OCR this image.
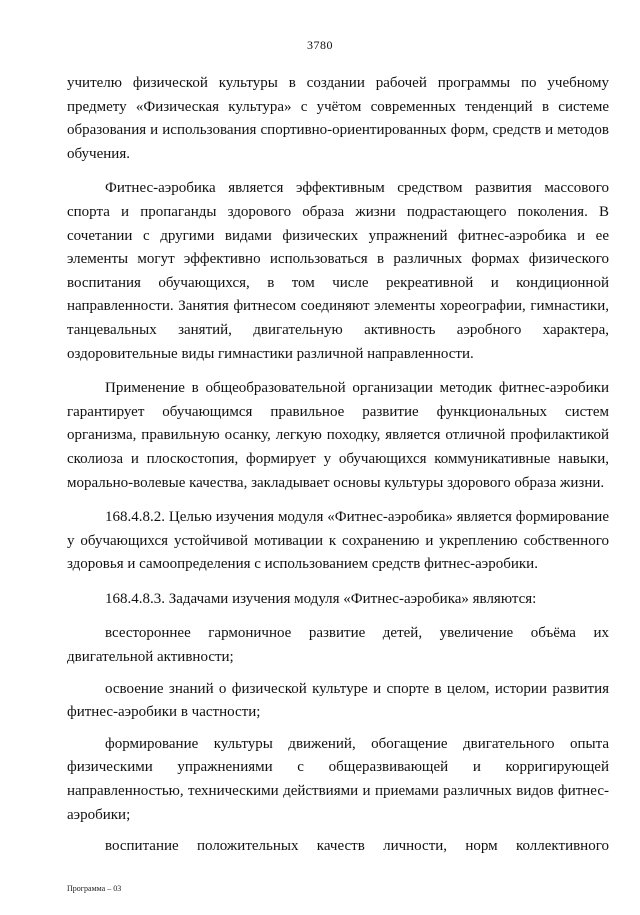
3780

учителю физической культуры в создании рабочей программы по учебному предмету «Физическая культура» с учётом современных тенденций в системе образования и использования спортивно-ориентированных форм, средств и методов обучения.

Фитнес-аэробика является эффективным средством развития массового спорта и пропаганды здорового образа жизни подрастающего поколения. В сочетании с другими видами физических упражнений фитнес-аэробика и ее элементы могут эффективно использоваться в различных формах физического воспитания обучающихся, в том числе рекреативной и кондиционной направленности. Занятия фитнесом соединяют элементы хореографии, гимнастики, танцевальных занятий, двигательную активность аэробного характера, оздоровительные виды гимнастики различной направленности.

Применение в общеобразовательной организации методик фитнес-аэробики гарантирует обучающимся правильное развитие функциональных систем организма, правильную осанку, легкую походку, является отличной профилактикой сколиоза и плоскостопия, формирует у обучающихся коммуникативные навыки, морально-волевые качества, закладывает основы культуры здорового образа жизни.

168.4.8.2. Целью изучения модуля «Фитнес-аэробика» является формирование у обучающихся устойчивой мотивации к сохранению и укреплению собственного здоровья и самоопределения с использованием средств фитнес-аэробики.

168.4.8.3. Задачами изучения модуля «Фитнес-аэробика» являются:

всестороннее гармоничное развитие детей, увеличение объёма их двигательной активности;

освоение знаний о физической культуре и спорте в целом, истории развития фитнес-аэробики в частности;

формирование культуры движений, обогащение двигательного опыта физическими упражнениями с общеразвивающей и корригирующей направленностью, техническими действиями и приемами различных видов фитнес-аэробики;

воспитание положительных качеств личности, норм коллективного

Программа – 03
